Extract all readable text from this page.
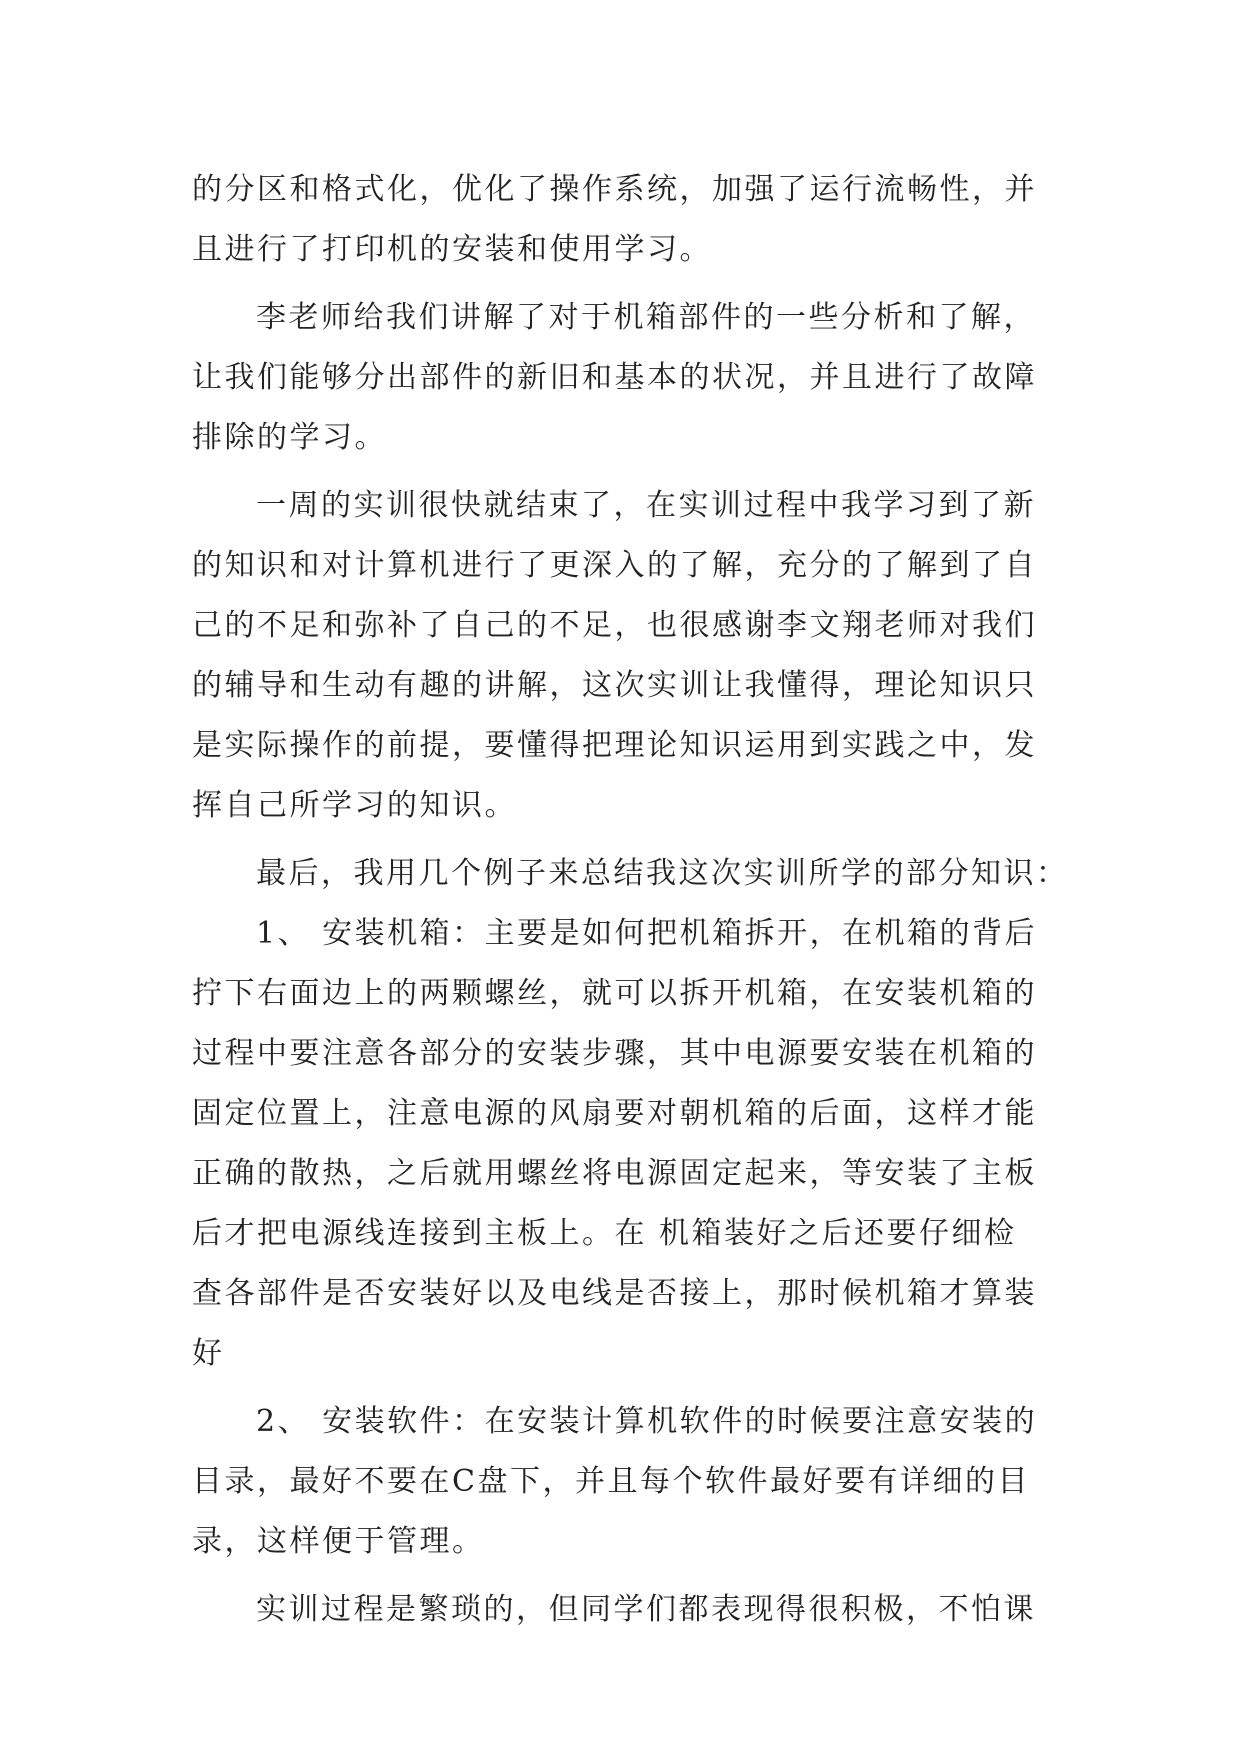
的分区和格式化，优化了操作系统，加强了运行流畅性，并
且进行了打印机的安装和使用学习。
李老师给我们讲解了对于机箱部件的一些分析和了解，
让我们能够分出部件的新旧和基本的状况，并且进行了故障
排除的学习。
一周的实训很快就结束了，在实训过程中我学习到了新
的知识和对计算机进行了更深入的了解，充分的了解到了自
己的不足和弥补了自己的不足，也很感谢李文翔老师对我们
的辅导和生动有趣的讲解，这次实训让我懂得，理论知识只
是实际操作的前提，要懂得把理论知识运用到实践之中，发
挥自己所学习的知识。
最后，我用几个例子来总结我这次实训所学的部分知识：
1、 安装机箱：主要是如何把机箱拆开，在机箱的背后
拧下右面边上的两颗螺丝，就可以拆开机箱，在安装机箱的
过程中要注意各部分的安装步骤，其中电源要安装在机箱的
固定位置上，注意电源的风扇要对朝机箱的后面，这样才能
正确的散热，之后就用螺丝将电源固定起来，等安装了主板
后才把电源线连接到主板上。在 机箱装好之后还要仔细检
查各部件是否安装好以及电线是否接上，那时候机箱才算装
好
2、 安装软件：在安装计算机软件的时候要注意安装的
目录，最好不要在C盘下，并且每个软件最好要有详细的目
录，这样便于管理。
实训过程是繁琐的，但同学们都表现得很积极，不怕课
